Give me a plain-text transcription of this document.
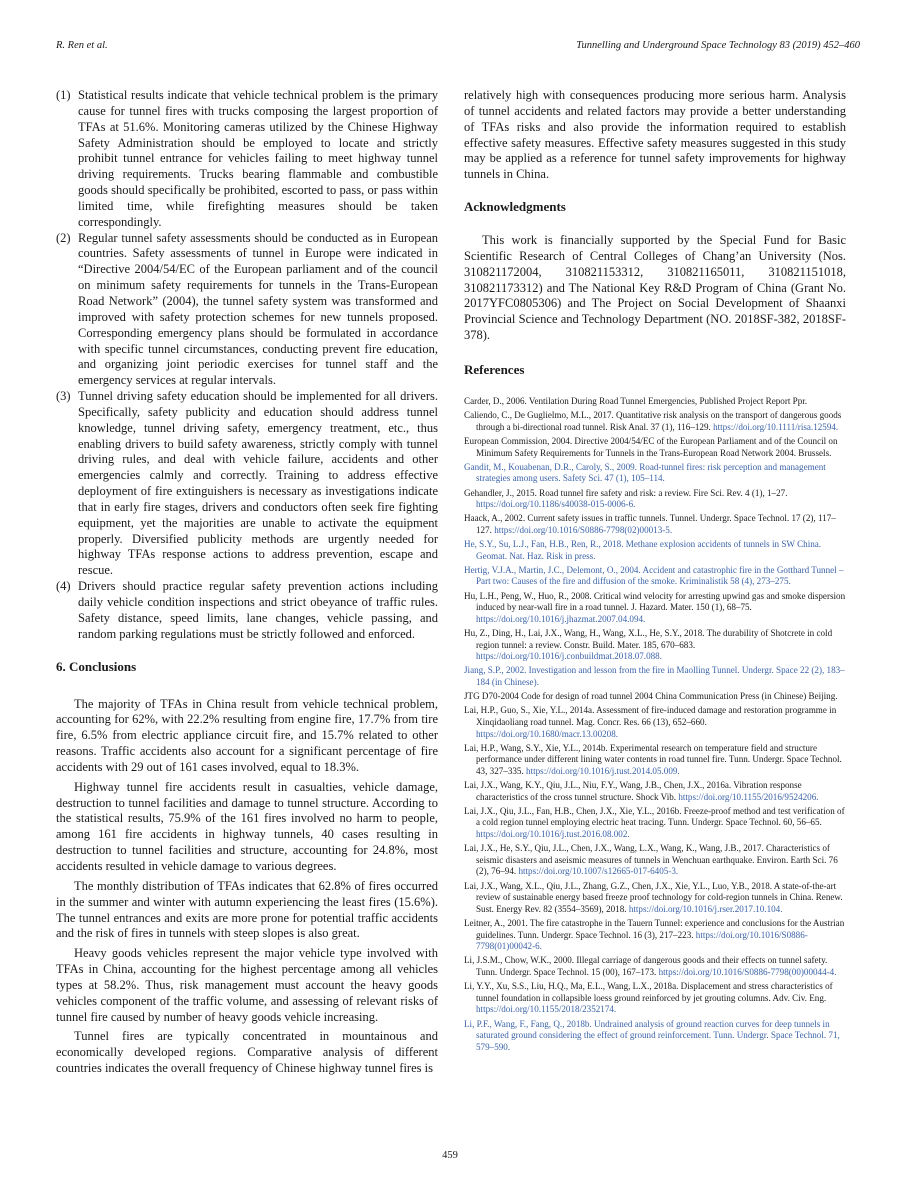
R. Ren et al.	Tunnelling and Underground Space Technology 83 (2019) 452–460
(1) Statistical results indicate that vehicle technical problem is the primary cause for tunnel fires with trucks composing the largest proportion of TFAs at 51.6%. Monitoring cameras utilized by the Chinese Highway Safety Administration should be employed to locate and strictly prohibit tunnel entrance for vehicles failing to meet highway tunnel driving requirements. Trucks bearing flammable and combustible goods should specifically be prohibited, escorted to pass, or pass within limited time, while firefighting measures should be taken correspondingly.
(2) Regular tunnel safety assessments should be conducted as in European countries. Safety assessments of tunnel in Europe were indicated in “Directive 2004/54/EC of the European parliament and of the council on minimum safety requirements for tunnels in the Trans-European Road Network” (2004), the tunnel safety system was transformed and improved with safety protection schemes for new tunnels proposed. Corresponding emergency plans should be formulated in accordance with specific tunnel circumstances, conducting prevent fire education, and organizing joint periodic exercises for tunnel staff and the emergency services at regular intervals.
(3) Tunnel driving safety education should be implemented for all drivers. Specifically, safety publicity and education should address tunnel knowledge, tunnel driving safety, emergency treatment, etc., thus enabling drivers to build safety awareness, strictly comply with tunnel driving rules, and deal with vehicle failure, accidents and other emergencies calmly and correctly. Training to address effective deployment of fire extinguishers is necessary as investigations indicate that in early fire stages, drivers and conductors often seek fire fighting equipment, yet the majorities are unable to activate the equipment properly. Diversified publicity methods are urgently needed for highway TFAs response actions to address prevention, escape and rescue.
(4) Drivers should practice regular safety prevention actions including daily vehicle condition inspections and strict obeyance of traffic rules. Safety distance, speed limits, lane changes, vehicle passing, and random parking regulations must be strictly followed and enforced.
6. Conclusions

The majority of TFAs in China result from vehicle technical problem, accounting for 62%, with 22.2% resulting from engine fire, 17.7% from tire fire, 6.5% from electric appliance circuit fire, and 15.7% related to other reasons. Traffic accidents also account for a significant percentage of fire accidents with 29 out of 161 cases involved, equal to 18.3%.

Highway tunnel fire accidents result in casualties, vehicle damage, destruction to tunnel facilities and damage to tunnel structure. According to the statistical results, 75.9% of the 161 fires involved no harm to people, among 161 fire accidents in highway tunnels, 40 cases resulting in destruction to tunnel facilities and structure, accounting for 24.8%, most accidents resulted in vehicle damage to various degrees.

The monthly distribution of TFAs indicates that 62.8% of fires occurred in the summer and winter with autumn experiencing the least fires (15.6%). The tunnel entrances and exits are more prone for potential traffic accidents and the risk of fires in tunnels with steep slopes is also great.

Heavy goods vehicles represent the major vehicle type involved with TFAs in China, accounting for the highest percentage among all vehicles types at 58.2%. Thus, risk management must account the heavy goods vehicles component of the traffic volume, and assessing of relevant risks of tunnel fire caused by number of heavy goods vehicle increasing.

Tunnel fires are typically concentrated in mountainous and economically developed regions. Comparative analysis of different countries indicates the overall frequency of Chinese highway tunnel fires is

relatively high with consequences producing more serious harm. Analysis of tunnel accidents and related factors may provide a better understanding of TFAs risks and also provide the information required to establish effective safety measures. Effective safety measures suggested in this study may be applied as a reference for tunnel safety improvements for highway tunnels in China.

Acknowledgments

This work is financially supported by the Special Fund for Basic Scientific Research of Central Colleges of Chang’an University (Nos. 310821172004, 310821153312, 310821165011, 310821151018, 310821173312) and The National Key R&D Program of China (Grant No. 2017YFC0805306) and The Project on Social Development of Shaanxi Provincial Science and Technology Department (NO. 2018SF-382, 2018SF-378).

References
Carder, D., 2006. Ventilation During Road Tunnel Emergencies, Published Project Report Ppr.
Caliendo, C., De Guglielmo, M.L., 2017. Quantitative risk analysis on the transport of dangerous goods through a bi-directional road tunnel. Risk Anal. 37 (1), 116–129. https://doi.org/10.1111/risa.12594.
European Commission, 2004. Directive 2004/54/EC of the European Parliament and of the Council on Minimum Safety Requirements for Tunnels in the Trans-European Road Network 2004. Brussels.
Gandit, M., Kouabenan, D.R., Caroly, S., 2009. Road-tunnel fires: risk perception and management strategies among users. Safety Sci. 47 (1), 105–114.
Gehandler, J., 2015. Road tunnel fire safety and risk: a review. Fire Sci. Rev. 4 (1), 1–27. https://doi.org/10.1186/s40038-015-0006-6.
Haack, A., 2002. Current safety issues in traffic tunnels. Tunnel. Undergr. Space Technol. 17 (2), 117–127. https://doi.org/10.1016/S0886-7798(02)00013-5.
He, S.Y., Su, L.J., Fan, H.B., Ren, R., 2018. Methane explosion accidents of tunnels in SW China. Geomat. Nat. Haz. Risk in press.
Hertig, V.J.A., Martin, J.C., Delemont, O., 2004. Accident and catastrophic fire in the Gotthard Tunnel – Part two: Causes of the fire and diffusion of the smoke. Kriminalistik 58 (4), 273–275.
Hu, L.H., Peng, W., Huo, R., 2008. Critical wind velocity for arresting upwind gas and smoke dispersion induced by near-wall fire in a road tunnel. J. Hazard. Mater. 150 (1), 68–75. https://doi.org/10.1016/j.jhazmat.2007.04.094.
Hu, Z., Ding, H., Lai, J.X., Wang, H., Wang, X.L., He, S.Y., 2018. The durability of Shotcrete in cold region tunnel: a review. Constr. Build. Mater. 185, 670–683. https://doi.org/10.1016/j.conbuildmat.2018.07.088.
Jiang, S.P., 2002. Investigation and lesson from the fire in Maolling Tunnel. Undergr. Space 22 (2), 183–184 (in Chinese).
JTG D70-2004 Code for design of road tunnel 2004 China Communication Press (in Chinese) Beijing.
Lai, H.P., Guo, S., Xie, Y.L., 2014a. Assessment of fire-induced damage and restoration programme in Xinqidaoliang road tunnel. Mag. Concr. Res. 66 (13), 652–660. https://doi.org/10.1680/macr.13.00208.
Lai, H.P., Wang, S.Y., Xie, Y.L., 2014b. Experimental research on temperature field and structure performance under different lining water contents in road tunnel fire. Tunn. Undergr. Space Technol. 43, 327–335. https://doi.org/10.1016/j.tust.2014.05.009.
Lai, J.X., Wang, K.Y., Qiu, J.L., Niu, F.Y., Wang, J.B., Chen, J.X., 2016a. Vibration response characteristics of the cross tunnel structure. Shock Vib. https://doi.org/10.1155/2016/9524206.
Lai, J.X., Qiu, J.L., Fan, H.B., Chen, J.X., Xie, Y.L., 2016b. Freeze-proof method and test verification of a cold region tunnel employing electric heat tracing. Tunn. Undergr. Space Technol. 60, 56–65. https://doi.org/10.1016/j.tust.2016.08.002.
Lai, J.X., He, S.Y., Qiu, J.L., Chen, J.X., Wang, L.X., Wang, K., Wang, J.B., 2017. Characteristics of seismic disasters and aseismic measures of tunnels in Wenchuan earthquake. Environ. Earth Sci. 76 (2), 76–94. https://doi.org/10.1007/s12665-017-6405-3.
Lai, J.X., Wang, X.L., Qiu, J.L., Zhang, G.Z., Chen, J.X., Xie, Y.L., Luo, Y.B., 2018. A state-of-the-art review of sustainable energy based freeze proof technology for cold-region tunnels in China. Renew. Sust. Energy Rev. 82 (3554–3569), 2018. https://doi.org/10.1016/j.rser.2017.10.104.
Leitner, A., 2001. The fire catastrophe in the Tauern Tunnel: experience and conclusions for the Austrian guidelines. Tunn. Undergr. Space Technol. 16 (3), 217–223. https://doi.org/10.1016/S0886-7798(01)00042-6.
Li, J.S.M., Chow, W.K., 2000. Illegal carriage of dangerous goods and their effects on tunnel safety. Tunn. Undergr. Space Technol. 15 (00), 167–173. https://doi.org/10.1016/S0886-7798(00)00044-4.
Li, Y.Y., Xu, S.S., Liu, H.Q., Ma, E.L., Wang, L.X., 2018a. Displacement and stress characteristics of tunnel foundation in collapsible loess ground reinforced by jet grouting columns. Adv. Civ. Eng. https://doi.org/10.1155/2018/2352174.
Li, P.F., Wang, F., Fang, Q., 2018b. Undrained analysis of ground reaction curves for deep tunnels in saturated ground considering the effect of ground reinforcement. Tunn. Undergr. Space Technol. 71, 579–590.
459
